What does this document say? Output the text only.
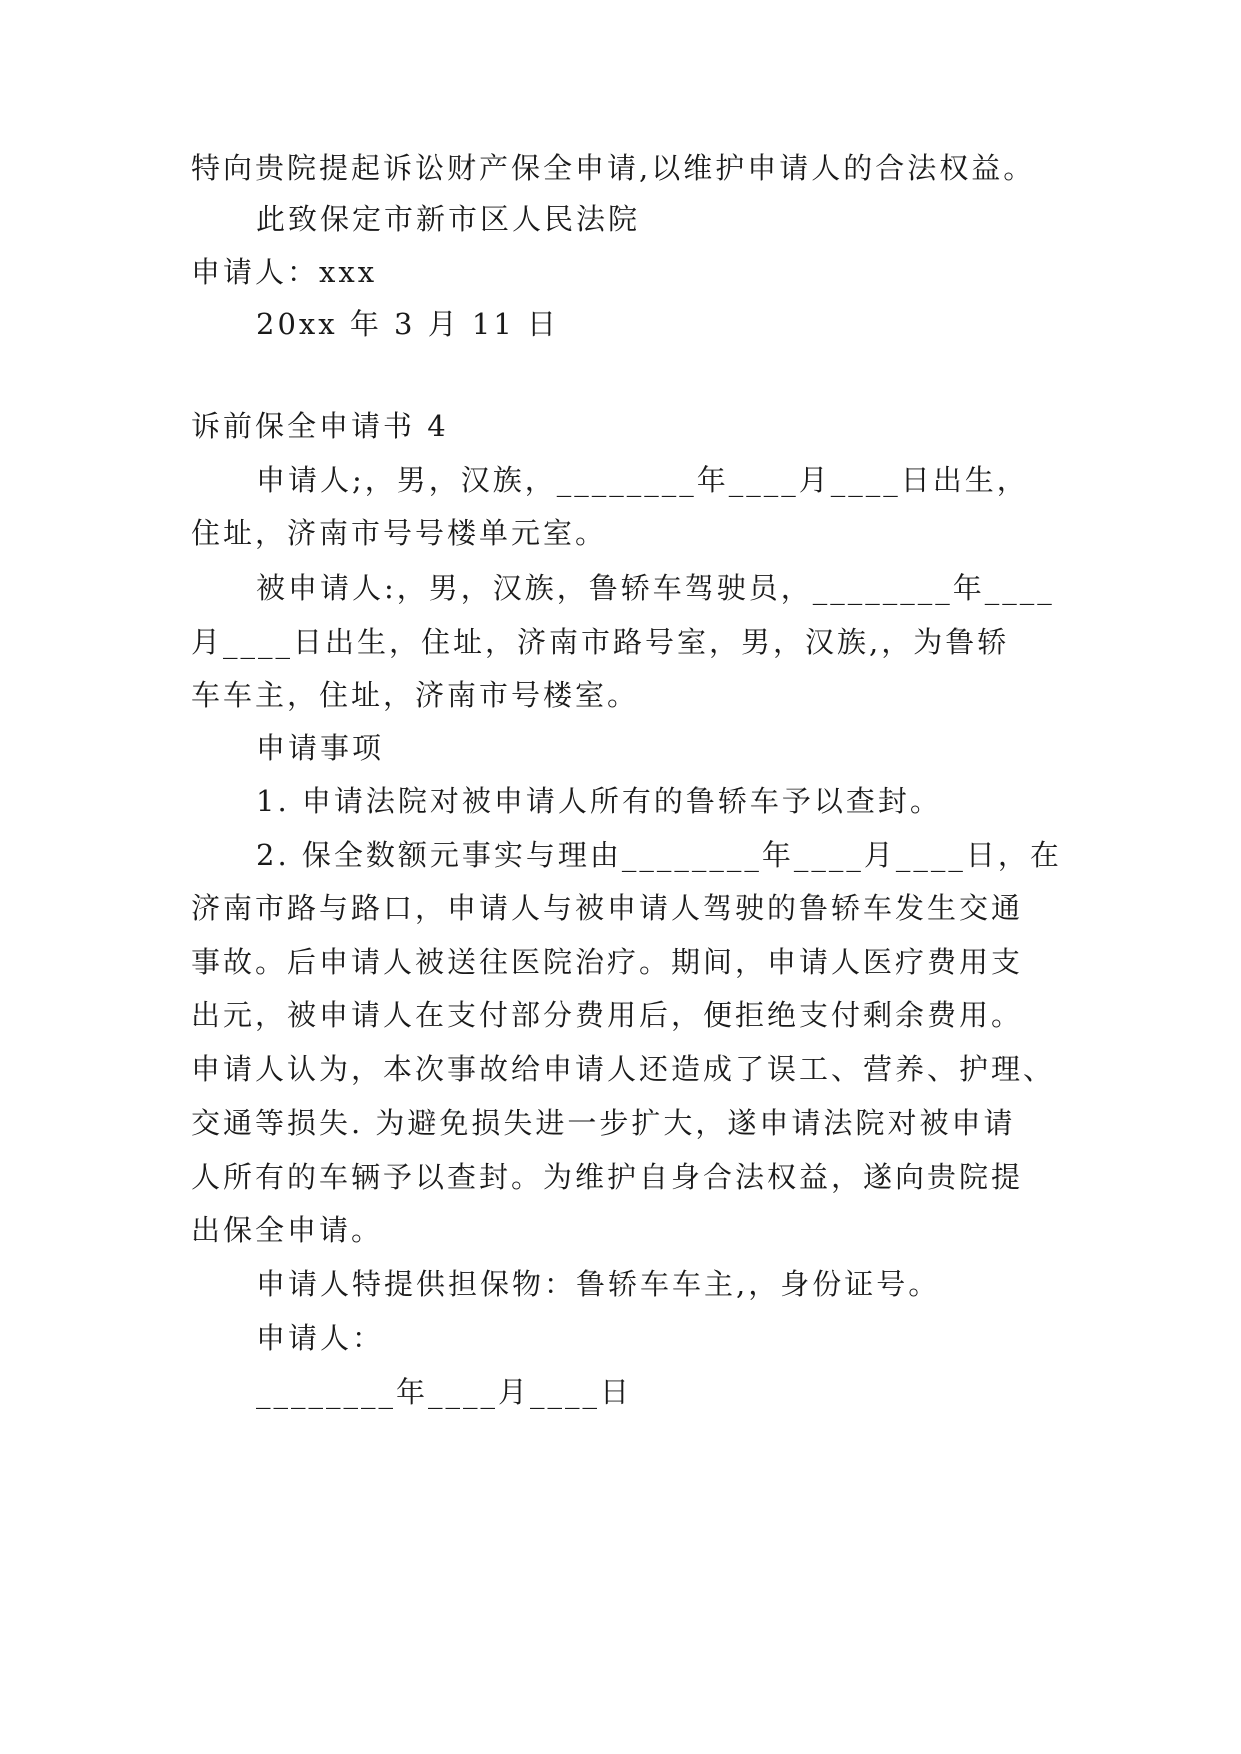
特向贵院提起诉讼财产保全申请,以维护申请人的合法权益。

此致保定市新市区人民法院

申请人：xxx

20xx 年 3 月 11 日

诉前保全申请书 4

申请人;，男，汉族，________年____月____日出生，

住址，济南市号号楼单元室。

被申请人:，男，汉族，鲁轿车驾驶员，________年____

月____日出生，住址，济南市路号室，男，汉族,，为鲁轿

车车主，住址，济南市号楼室。

申请事项

1. 申请法院对被申请人所有的鲁轿车予以查封。

2. 保全数额元事实与理由________年____月____日，在

济南市路与路口，申请人与被申请人驾驶的鲁轿车发生交通

事故。后申请人被送往医院治疗。期间，申请人医疗费用支

出元，被申请人在支付部分费用后，便拒绝支付剩余费用。

申请人认为，本次事故给申请人还造成了误工、营养、护理、

交通等损失. 为避免损失进一步扩大，遂申请法院对被申请

人所有的车辆予以查封。为维护自身合法权益，遂向贵院提

出保全申请。

申请人特提供担保物：鲁轿车车主,，身份证号。

申请人：

________年____月____日
